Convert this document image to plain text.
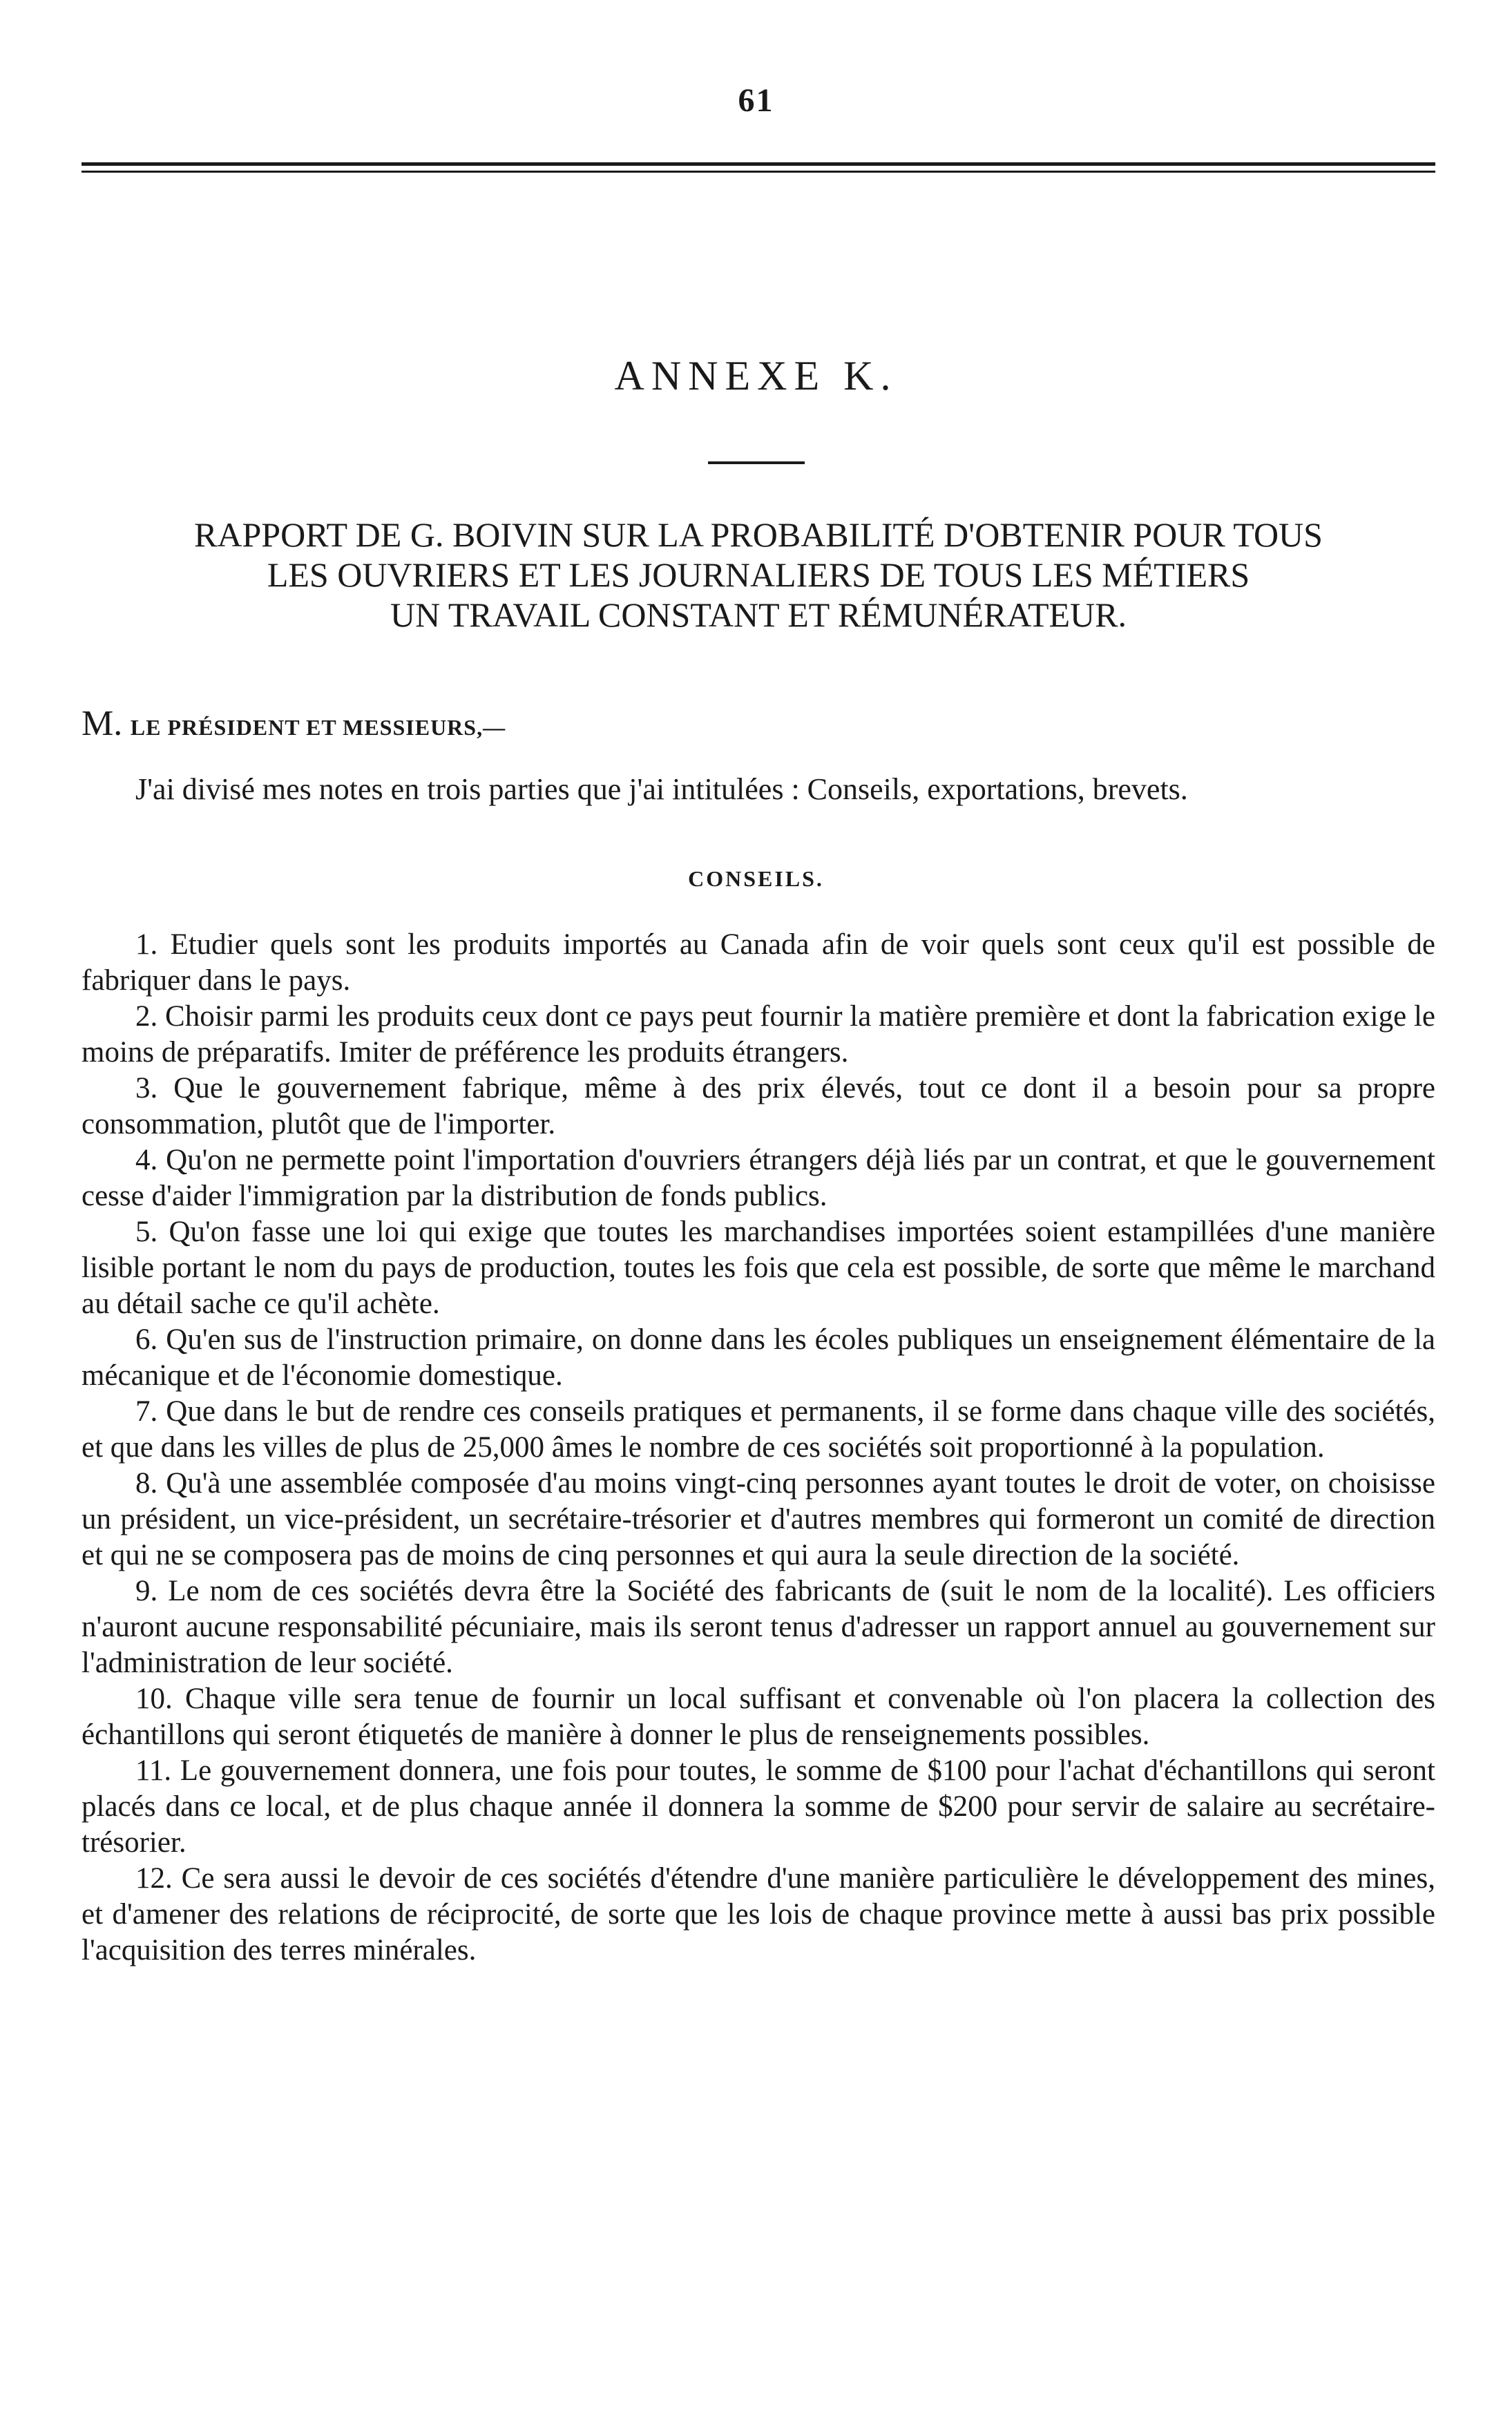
61
ANNEXE K.
RAPPORT DE G. BOIVIN SUR LA PROBABILITÉ D'OBTENIR POUR TOUS
LES OUVRIERS ET LES JOURNALIERS DE TOUS LES MÉTIERS
UN TRAVAIL CONSTANT ET RÉMUNÉRATEUR.
M. LE PRÉSIDENT ET MESSIEURS,—

J'ai divisé mes notes en trois parties que j'ai intitulées : Conseils, exportations, brevets.

CONSEILS.

1. Etudier quels sont les produits importés au Canada afin de voir quels sont ceux qu'il est possible de fabriquer dans le pays.

2. Choisir parmi les produits ceux dont ce pays peut fournir la matière première et dont la fabrication exige le moins de préparatifs. Imiter de préférence les produits étrangers.

3. Que le gouvernement fabrique, même à des prix élevés, tout ce dont il a besoin pour sa propre consommation, plutôt que de l'importer.

4. Qu'on ne permette point l'importation d'ouvriers étrangers déjà liés par un contrat, et que le gouvernement cesse d'aider l'immigration par la distribution de fonds publics.

5. Qu'on fasse une loi qui exige que toutes les marchandises importées soient estampillées d'une manière lisible portant le nom du pays de production, toutes les fois que cela est possible, de sorte que même le marchand au détail sache ce qu'il achète.

6. Qu'en sus de l'instruction primaire, on donne dans les écoles publiques un enseignement élémentaire de la mécanique et de l'économie domestique.

7. Que dans le but de rendre ces conseils pratiques et permanents, il se forme dans chaque ville des sociétés, et que dans les villes de plus de 25,000 âmes le nombre de ces sociétés soit proportionné à la population.

8. Qu'à une assemblée composée d'au moins vingt-cinq personnes ayant toutes le droit de voter, on choisisse un président, un vice-président, un secrétaire-trésorier et d'autres membres qui formeront un comité de direction et qui ne se composera pas de moins de cinq personnes et qui aura la seule direction de la société.

9. Le nom de ces sociétés devra être la Société des fabricants de (suit le nom de la localité). Les officiers n'auront aucune responsabilité pécuniaire, mais ils seront tenus d'adresser un rapport annuel au gouvernement sur l'administration de leur société.

10. Chaque ville sera tenue de fournir un local suffisant et convenable où l'on placera la collection des échantillons qui seront étiquetés de manière à donner le plus de renseignements possibles.

11. Le gouvernement donnera, une fois pour toutes, le somme de $100 pour l'achat d'échantillons qui seront placés dans ce local, et de plus chaque année il donnera la somme de $200 pour servir de salaire au secrétaire-trésorier.

12. Ce sera aussi le devoir de ces sociétés d'étendre d'une manière particulière le développement des mines, et d'amener des relations de réciprocité, de sorte que les lois de chaque province mette à aussi bas prix possible l'acquisition des terres minérales.
